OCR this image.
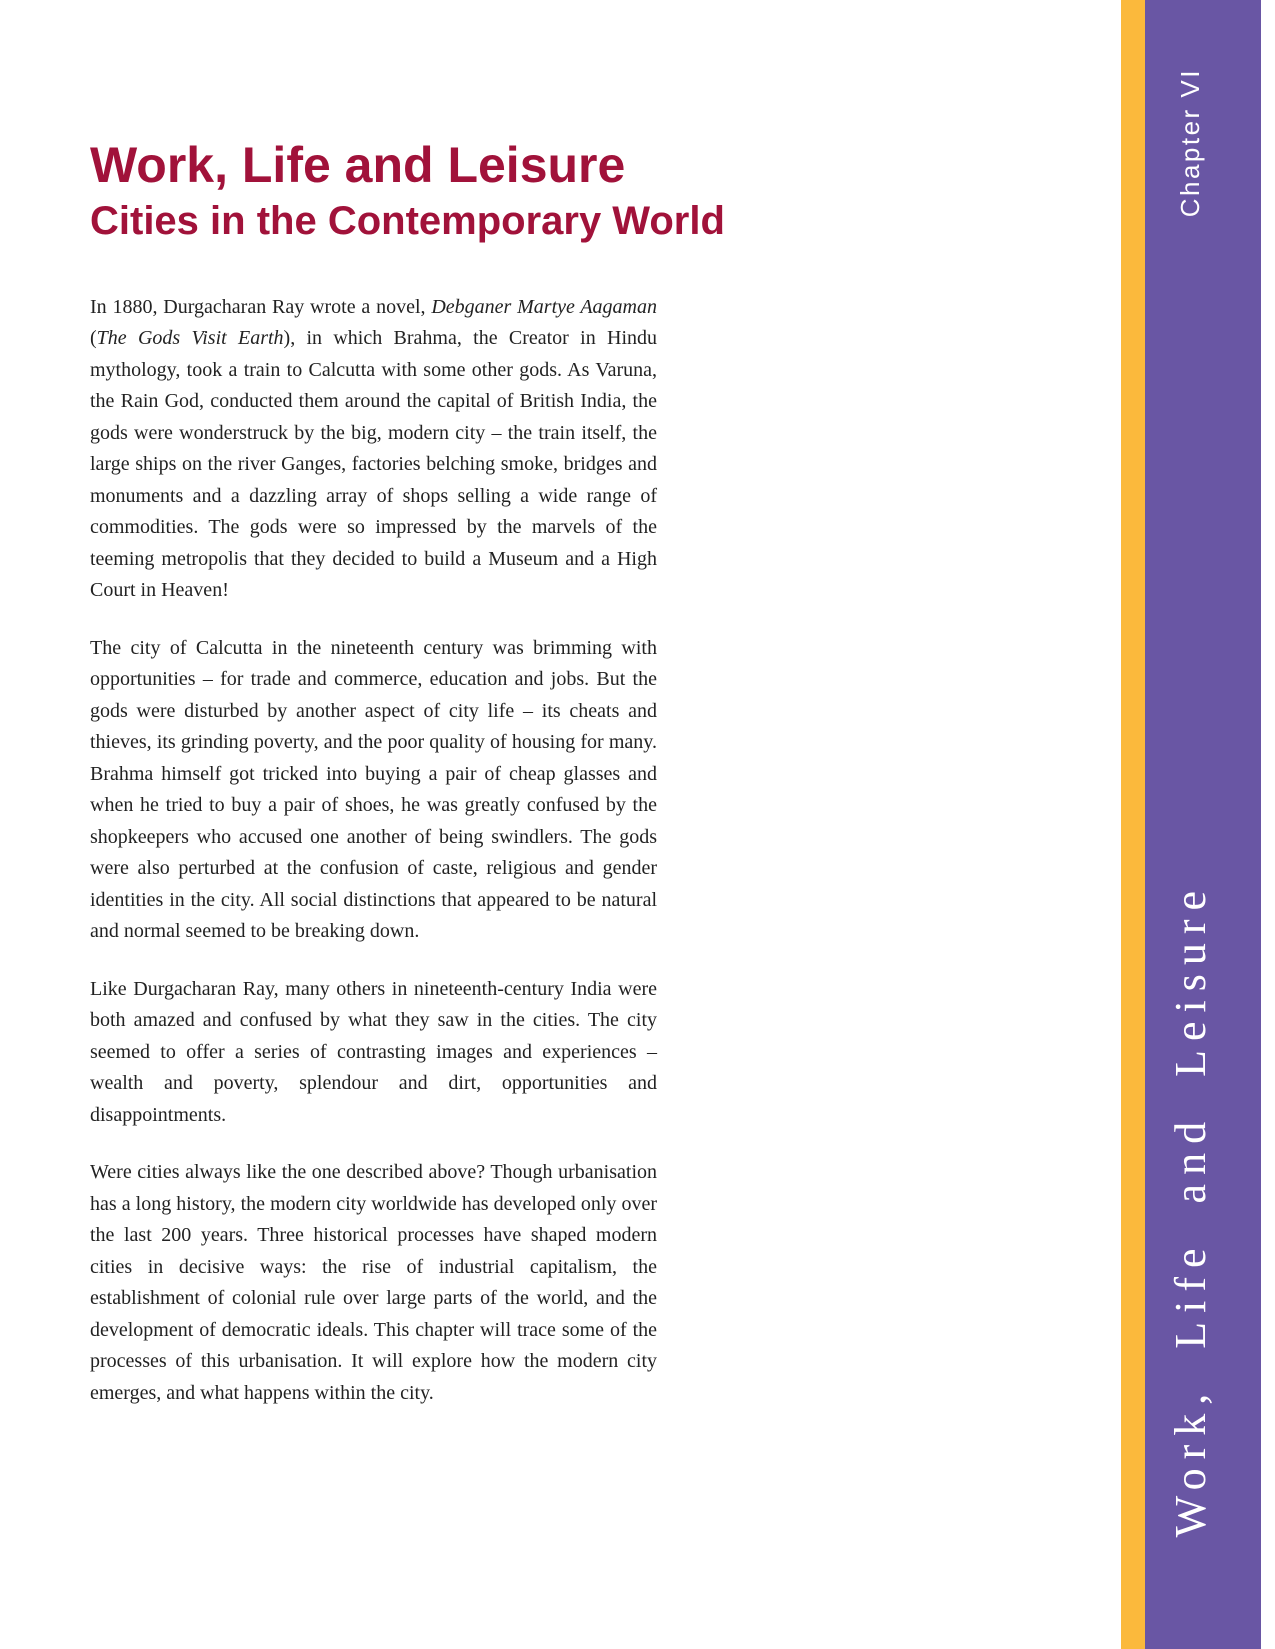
Work, Life and Leisure
Cities in the Contemporary World

In 1880, Durgacharan Ray wrote a novel, Debganer Martye Aagaman (The Gods Visit Earth), in which Brahma, the Creator in Hindu mythology, took a train to Calcutta with some other gods. As Varuna, the Rain God, conducted them around the capital of British India, the gods were wonderstruck by the big, modern city – the train itself, the large ships on the river Ganges, factories belching smoke, bridges and monuments and a dazzling array of shops selling a wide range of commodities. The gods were so impressed by the marvels of the teeming metropolis that they decided to build a Museum and a High Court in Heaven!

The city of Calcutta in the nineteenth century was brimming with opportunities – for trade and commerce, education and jobs. But the gods were disturbed by another aspect of city life – its cheats and thieves, its grinding poverty, and the poor quality of housing for many. Brahma himself got tricked into buying a pair of cheap glasses and when he tried to buy a pair of shoes, he was greatly confused by the shopkeepers who accused one another of being swindlers. The gods were also perturbed at the confusion of caste, religious and gender identities in the city. All social distinctions that appeared to be natural and normal seemed to be breaking down.

Like Durgacharan Ray, many others in nineteenth-century India were both amazed and confused by what they saw in the cities. The city seemed to offer a series of contrasting images and experiences – wealth and poverty, splendour and dirt, opportunities and disappointments.

Were cities always like the one described above? Though urbanisation has a long history, the modern city worldwide has developed only over the last 200 years. Three historical processes have shaped modern cities in decisive ways: the rise of industrial capitalism, the establishment of colonial rule over large parts of the world, and the development of democratic ideals. This chapter will trace some of the processes of this urbanisation. It will explore how the modern city emerges, and what happens within the city.

Chapter VI
Work, Life and Leisure
